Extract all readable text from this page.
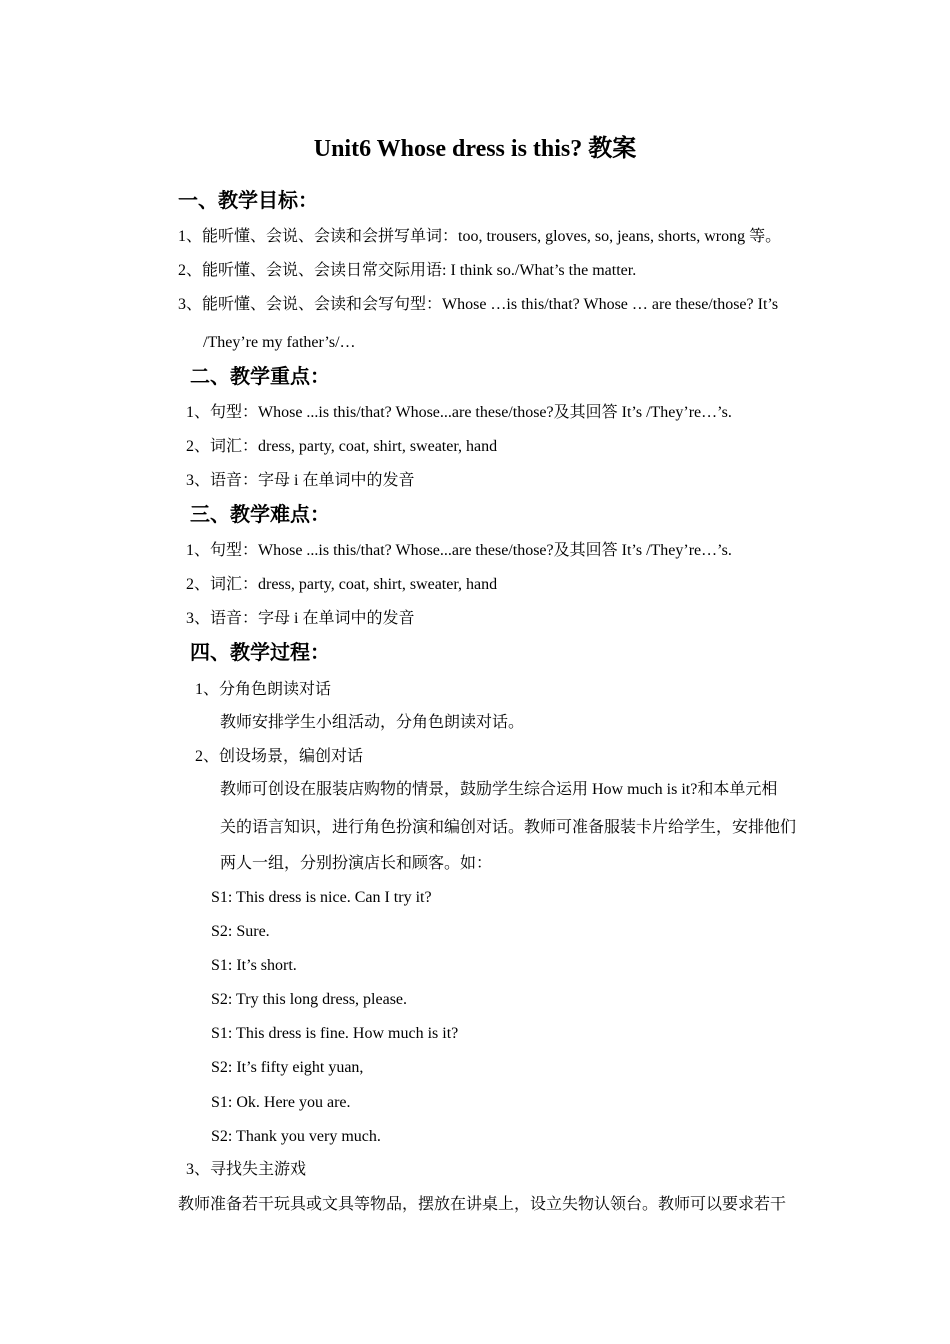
Unit6 Whose dress is this? 教案
一、教学目标：
1、能听懂、会说、会读和会拼写单词：too, trousers, gloves, so, jeans, shorts, wrong 等。
2、能听懂、会说、会读日常交际用语: I think so./What’s the matter.
3、能听懂、会说、会读和会写句型：Whose …is this/that? Whose … are these/those? It’s
/They’re my father’s/…
二、教学重点：
1、句型：Whose ...is this/that? Whose...are these/those?及其回答 It’s /They’re…’s.
2、词汇：dress, party, coat, shirt, sweater, hand
3、语音：字母 i 在单词中的发音
三、教学难点：
1、句型：Whose ...is this/that? Whose...are these/those?及其回答 It’s /They’re…’s.
2、词汇：dress, party, coat, shirt, sweater, hand
3、语音：字母 i 在单词中的发音
四、教学过程：
1、分角色朗读对话
教师安排学生小组活动，分角色朗读对话。
2、创设场景，编创对话
教师可创设在服装店购物的情景，鼓励学生综合运用 How much is it?和本单元相
关的语言知识，进行角色扮演和编创对话。教师可准备服装卡片给学生，安排他们
两人一组，分别扮演店长和顾客。如：
S1: This dress is nice. Can I try it?
S2: Sure.
S1: It’s short.
S2: Try this long dress, please.
S1: This dress is fine. How much is it?
S2: It’s fifty eight yuan,
S1: Ok. Here you are.
S2: Thank you very much.
3、寻找失主游戏
教师准备若干玩具或文具等物品，摆放在讲桌上，设立失物认领台。教师可以要求若干
